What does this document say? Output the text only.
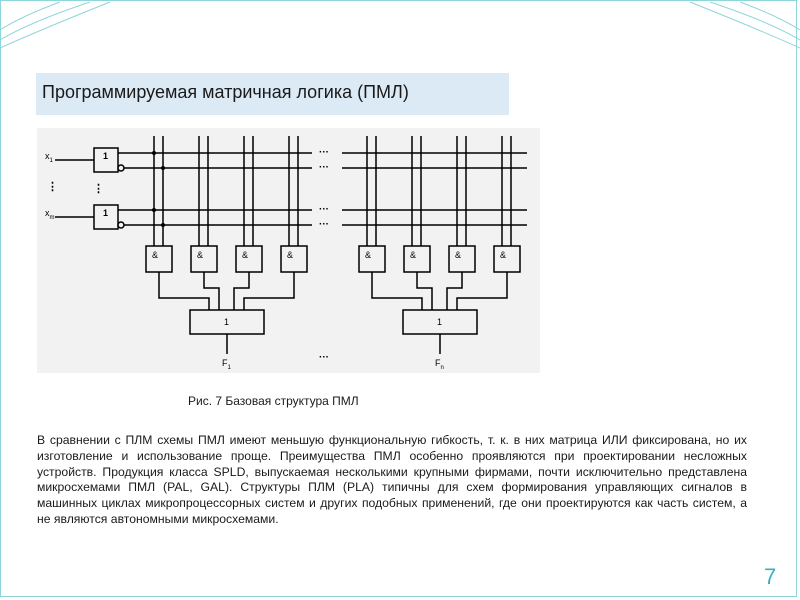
Программируемая матричная логика (ПМЛ)
$x_1$
$x_m$
⋮	⋮
1
1
&	&	&	&	&	&	&	&
1	1
$F_1$	$F_n$
···
···
···
···
···
Рис. 7 Базовая структура ПМЛ
В сравнении с ПЛМ схемы ПМЛ имеют меньшую функциональную гибкость, т. к. в них матрица ИЛИ фиксирована, но их изготовление и использование проще. Преимущества ПМЛ особенно проявляются при проектировании несложных устройств. Продукция класса SPLD, выпускаемая несколькими крупными фирмами, почти исключительно представлена микросхемами ПМЛ (PAL, GAL). Структуры ПЛМ (PLA) типичны для схем формирования управляющих сигналов в машинных циклах микропроцессорных систем и других подобных применений, где они проектируются как часть систем, а не являются автономными микросхемами.
7
